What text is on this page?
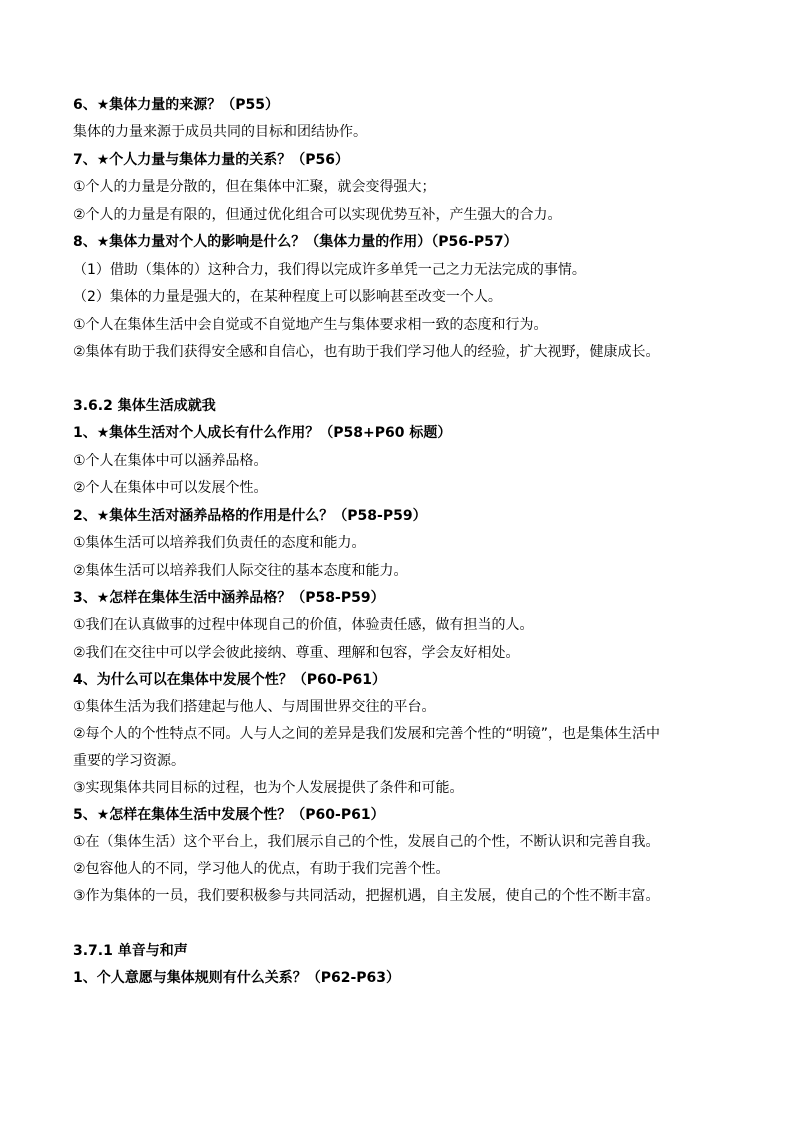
6、★集体力量的来源？（P55）
集体的力量来源于成员共同的目标和团结协作。
7、★个人力量与集体力量的关系？（P56）
①个人的力量是分散的，但在集体中汇聚，就会变得强大；
②个人的力量是有限的，但通过优化组合可以实现优势互补，产生强大的合力。
8、★集体力量对个人的影响是什么？（集体力量的作用）（P56-P57）
（1）借助（集体的）这种合力，我们得以完成许多单凭一己之力无法完成的事情。
（2）集体的力量是强大的，在某种程度上可以影响甚至改变一个人。
①个人在集体生活中会自觉或不自觉地产生与集体要求相一致的态度和行为。
②集体有助于我们获得安全感和自信心，也有助于我们学习他人的经验，扩大视野，健康成长。
3.6.2 集体生活成就我
1、★集体生活对个人成长有什么作用？（P58+P60 标题）
①个人在集体中可以涵养品格。
②个人在集体中可以发展个性。
2、★集体生活对涵养品格的作用是什么？（P58-P59）
①集体生活可以培养我们负责任的态度和能力。
②集体生活可以培养我们人际交往的基本态度和能力。
3、★怎样在集体生活中涵养品格？（P58-P59）
①我们在认真做事的过程中体现自己的价值，体验责任感，做有担当的人。
②我们在交往中可以学会彼此接纳、尊重、理解和包容，学会友好相处。
4、为什么可以在集体中发展个性？（P60-P61）
①集体生活为我们搭建起与他人、与周围世界交往的平台。
②每个人的个性特点不同。人与人之间的差异是我们发展和完善个性的“明镜”，也是集体生活中
重要的学习资源。
③实现集体共同目标的过程，也为个人发展提供了条件和可能。
5、★怎样在集体生活中发展个性？（P60-P61）
①在（集体生活）这个平台上，我们展示自己的个性，发展自己的个性，不断认识和完善自我。
②包容他人的不同，学习他人的优点，有助于我们完善个性。
③作为集体的一员，我们要积极参与共同活动，把握机遇，自主发展，使自己的个性不断丰富。
3.7.1 单音与和声
1、个人意愿与集体规则有什么关系？（P62-P63）
